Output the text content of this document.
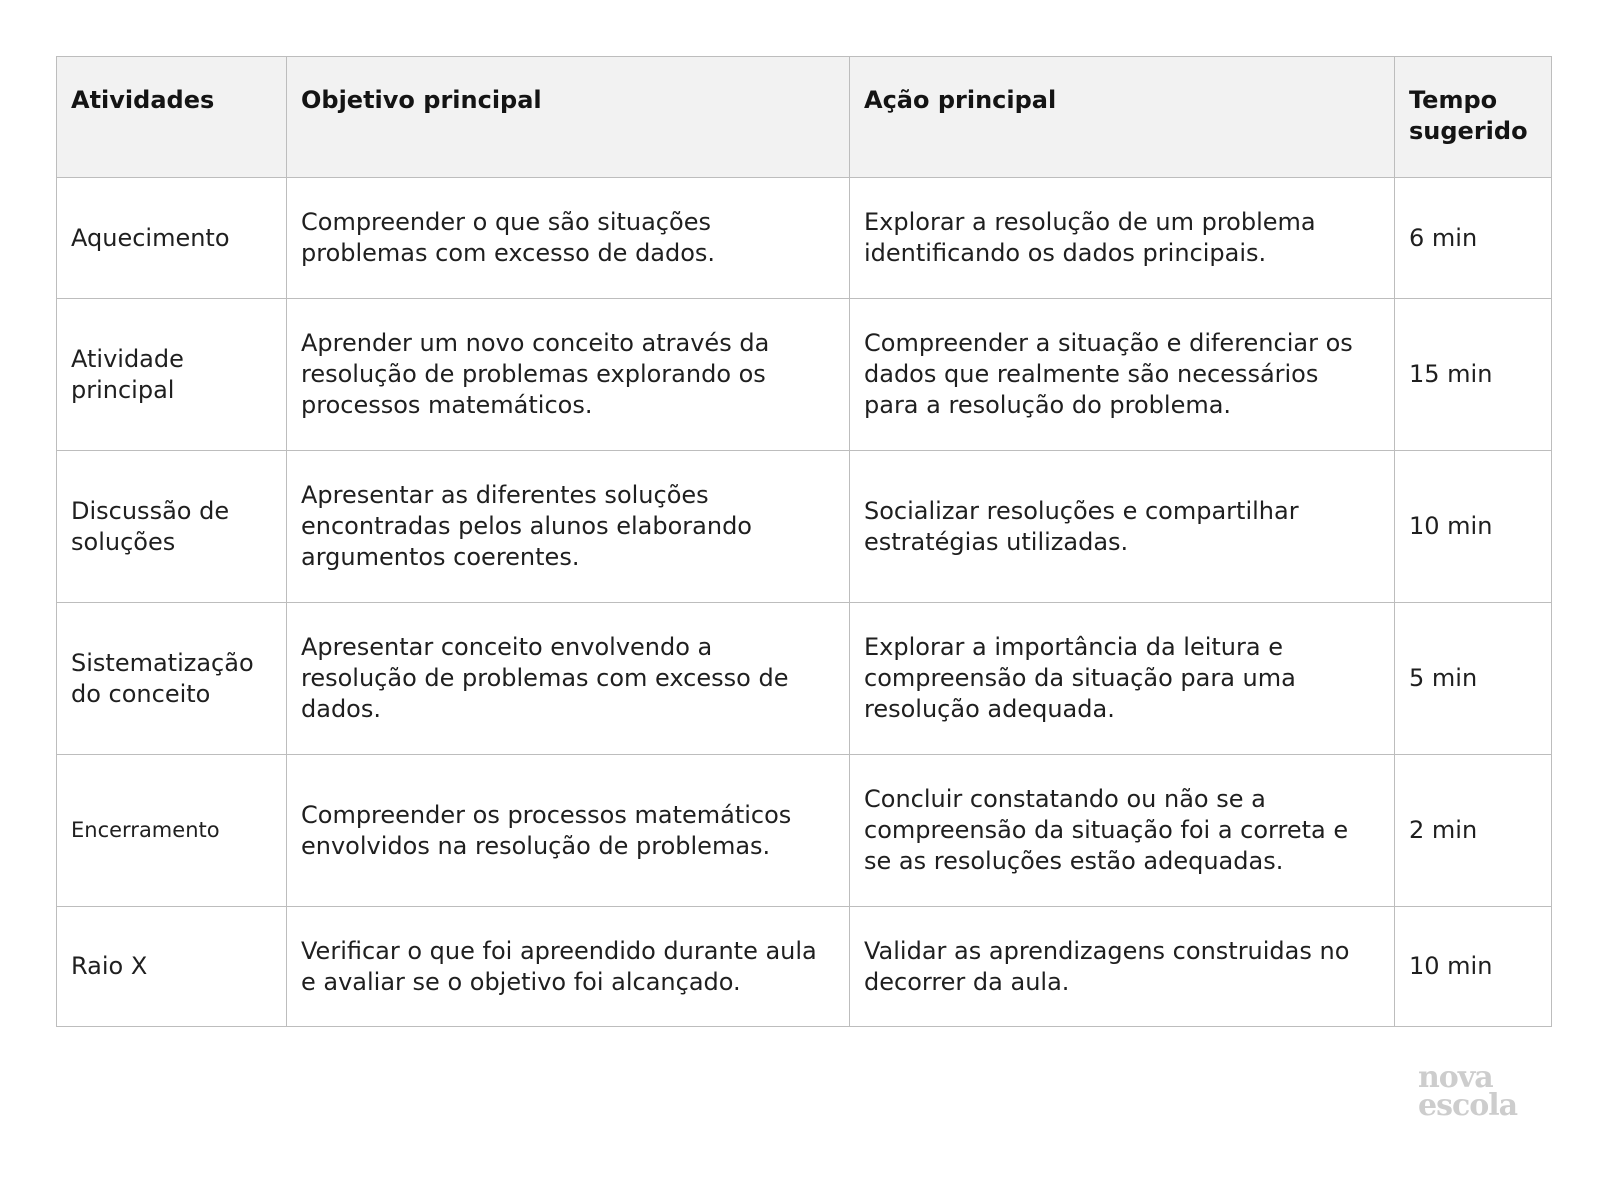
Atividades	Objetivo principal	Ação principal	Tempo sugerido
Aquecimento	Compreender o que são situações problemas com excesso de dados.	Explorar a resolução de um problema identificando os dados principais.	6 min
Atividade principal	Aprender um novo conceito através da resolução de problemas explorando os processos matemáticos.	Compreender a situação e diferenciar os dados que realmente são necessários para a resolução do problema.	15 min
Discussão de soluções	Apresentar as diferentes soluções encontradas pelos alunos elaborando argumentos coerentes.	Socializar resoluções e compartilhar estratégias utilizadas.	10 min
Sistematização do conceito	Apresentar conceito envolvendo a resolução de problemas com excesso de dados.	Explorar a importância da leitura e compreensão da situação para uma resolução adequada.	5 min
Encerramento	Compreender os processos matemáticos envolvidos na resolução de problemas.	Concluir constatando ou não se a compreensão da situação foi a correta e se as resoluções estão adequadas.	2 min
Raio X	Verificar o que foi apreendido durante aula e avaliar se o objetivo foi alcançado.	Validar as aprendizagens construidas no decorrer da aula.	10 min
nova
escola
